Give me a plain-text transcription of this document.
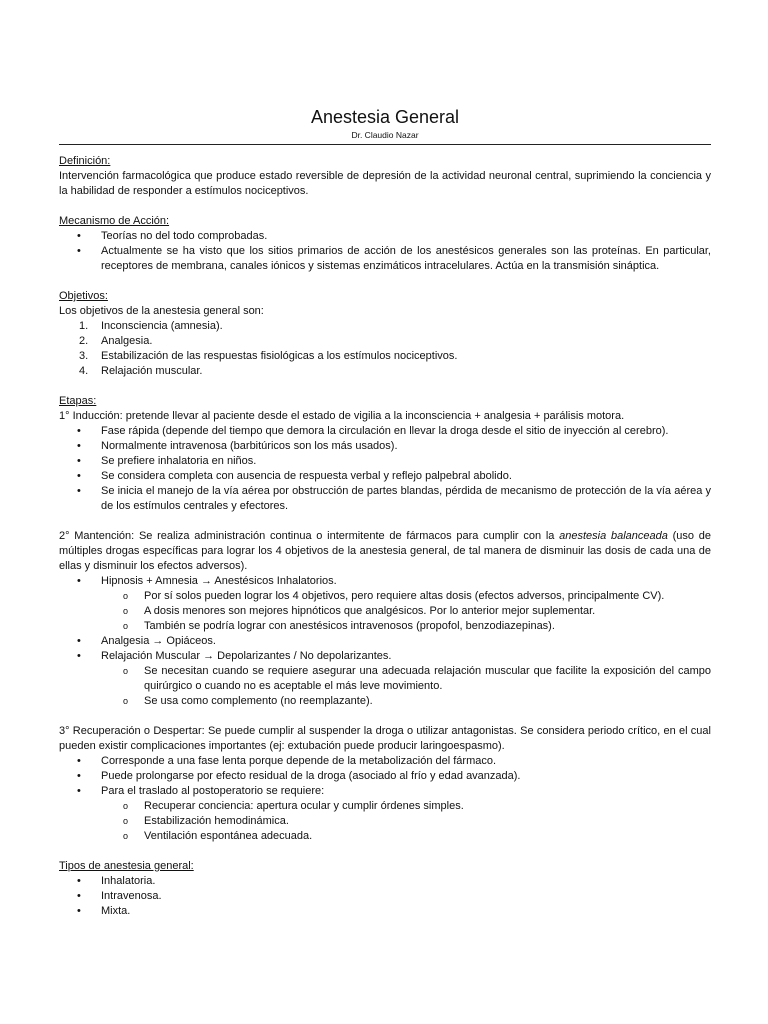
Anestesia General
Dr. Claudio Nazar
Definición:

Intervención farmacológica que produce estado reversible de depresión de la actividad neuronal central, suprimiendo la conciencia y la habilidad de responder a estímulos nociceptivos.

Mecanismo de Acción:
• Teorías no del todo comprobadas.
• Actualmente se ha visto que los sitios primarios de acción de los anestésicos generales son las proteínas. En particular, receptores de membrana, canales iónicos y sistemas enzimáticos intracelulares. Actúa en la transmisión sináptica.
Objetivos:

Los objetivos de la anestesia general son:

1. Inconsciencia (amnesia).
2. Analgesia.
3. Estabilización de las respuestas fisiológicas a los estímulos nociceptivos.
4. Relajación muscular.
Etapas:

1° Inducción: pretende llevar al paciente desde el estado de vigilia a la inconsciencia + analgesia + parálisis motora.

• Fase rápida (depende del tiempo que demora la circulación en llevar la droga desde el sitio de inyección al cerebro).
• Normalmente intravenosa (barbitúricos son los más usados).
• Se prefiere inhalatoria en niños.
• Se considera completa con ausencia de respuesta verbal y reflejo palpebral abolido.
• Se inicia el manejo de la vía aérea por obstrucción de partes blandas, pérdida de mecanismo de protección de la vía aérea y de los estímulos centrales y efectores.

2° Mantención: Se realiza administración continua o intermitente de fármacos para cumplir con la anestesia balanceada (uso de múltiples drogas específicas para lograr los 4 objetivos de la anestesia general, de tal manera de disminuir las dosis de cada una de ellas y disminuir los efectos adversos).

• Hipnosis + Amnesia → Anestésicos Inhalatorios.
o Por sí solos pueden lograr los 4 objetivos, pero requiere altas dosis (efectos adversos, principalmente CV).
o A dosis menores son mejores hipnóticos que analgésicos. Por lo anterior mejor suplementar.
o También se podría lograr con anestésicos intravenosos (propofol, benzodiazepinas).
• Analgesia → Opiáceos.
• Relajación Muscular → Depolarizantes / No depolarizantes.
o Se necesitan cuando se requiere asegurar una adecuada relajación muscular que facilite la exposición del campo quirúrgico o cuando no es aceptable el más leve movimiento.
o Se usa como complemento (no reemplazante).

3° Recuperación o Despertar: Se puede cumplir al suspender la droga o utilizar antagonistas. Se considera periodo crítico, en el cual pueden existir complicaciones importantes (ej: extubación puede producir laringoespasmo).

• Corresponde a una fase lenta porque depende de la metabolización del fármaco.
• Puede prolongarse por efecto residual de la droga (asociado al frío y edad avanzada).
• Para el traslado al postoperatorio se requiere:
o Recuperar conciencia: apertura ocular y cumplir órdenes simples.
o Estabilización hemodinámica.
o Ventilación espontánea adecuada.
Tipos de anestesia general:
• Inhalatoria.
• Intravenosa.
• Mixta.
